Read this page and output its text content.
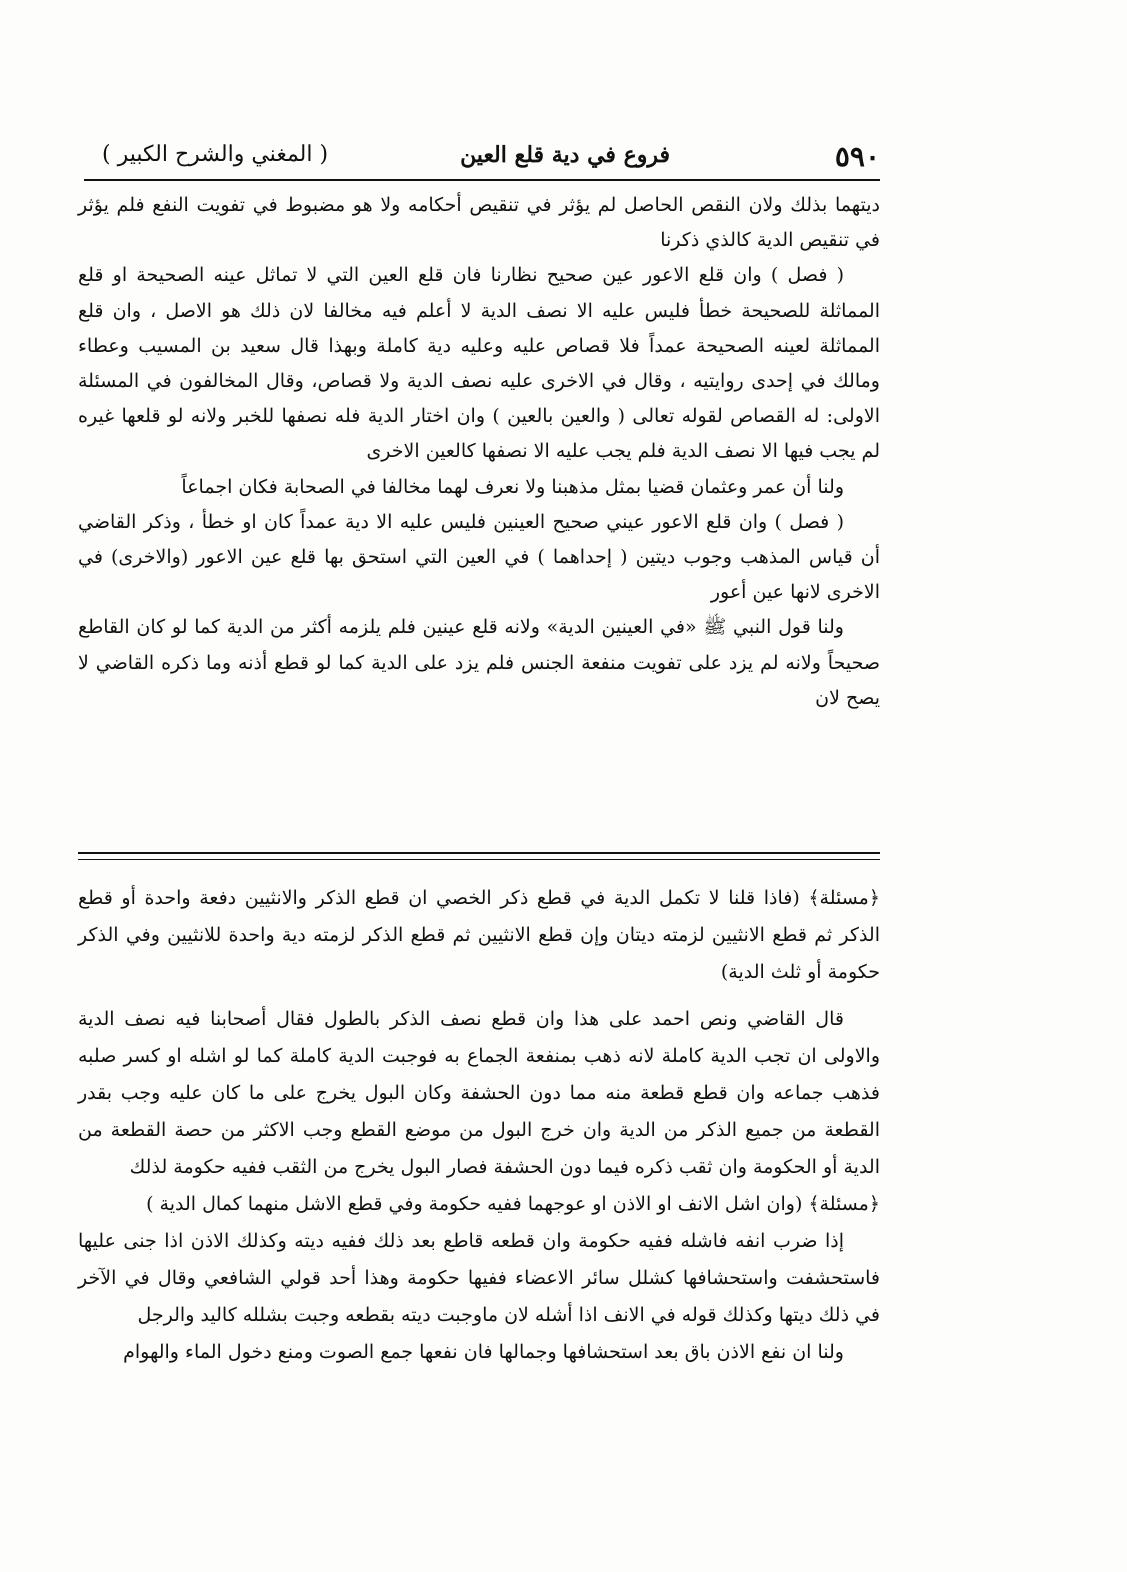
٥٩٠
فروع في دية قلع العين
( المغني والشرح الكبير )

ديتهما بذلك ولان النقص الحاصل لم يؤثر في تنقيص أحكامه ولا هو مضبوط في تفويت النفع فلم يؤثر في تنقيص الدية كالذي ذكرنا

( فصل ) وان قلع الاعور عين صحيح نظارنا فان قلع العين التي لا تماثل عينه الصحيحة او قلع المماثلة للصحيحة خطأ فليس عليه الا نصف الدية لا أعلم فيه مخالفا لان ذلك هو الاصل ، وان قلع المماثلة لعينه الصحيحة عمداً فلا قصاص عليه وعليه دية كاملة وبهذا قال سعيد بن المسيب وعطاء ومالك في إحدى روايتيه ، وقال في الاخرى عليه نصف الدية ولا قصاص، وقال المخالفون في المسئلة الاولى: له القصاص لقوله تعالى ( والعين بالعين ) وان اختار الدية فله نصفها للخبر ولانه لو قلعها غيره لم يجب فيها الا نصف الدية فلم يجب عليه الا نصفها كالعين الاخرى

ولنا أن عمر وعثمان قضيا بمثل مذهبنا ولا نعرف لهما مخالفا في الصحابة فكان اجماعاً

( فصل ) وان قلع الاعور عيني صحيح العينين فليس عليه الا دية عمداً كان او خطأ ، وذكر القاضي أن قياس المذهب وجوب ديتين ( إحداهما ) في العين التي استحق بها قلع عين الاعور (والاخرى) في الاخرى لانها عين أعور

ولنا قول النبي ﷺ «في العينين الدية» ولانه قلع عينين فلم يلزمه أكثر من الدية كما لو كان القاطع صحيحاً ولانه لم يزد على تفويت منفعة الجنس فلم يزد على الدية كما لو قطع أذنه وما ذكره القاضي لا يصح لان

﴿مسئلة﴾ (فاذا قلنا لا تكمل الدية في قطع ذكر الخصي ان قطع الذكر والانثيين دفعة واحدة أو قطع الذكر ثم قطع الانثيين لزمته ديتان وإن قطع الانثيين ثم قطع الذكر لزمته دية واحدة للانثيين وفي الذكر حكومة أو ثلث الدية)

قال القاضي ونص احمد على هذا وان قطع نصف الذكر بالطول فقال أصحابنا فيه نصف الدية والاولى ان تجب الدية كاملة لانه ذهب بمنفعة الجماع به فوجبت الدية كاملة كما لو اشله او كسر صلبه فذهب جماعه وان قطع قطعة منه مما دون الحشفة وكان البول يخرج على ما كان عليه وجب بقدر القطعة من جميع الذكر من الدية وان خرج البول من موضع القطع وجب الاكثر من حصة القطعة من الدية أو الحكومة وان ثقب ذكره فيما دون الحشفة فصار البول يخرج من الثقب ففيه حكومة لذلك

﴿مسئلة﴾ (وان اشل الانف او الاذن او عوجهما ففيه حكومة وفي قطع الاشل منهما كمال الدية )

إذا ضرب انفه فاشله ففيه حكومة وان قطعه قاطع بعد ذلك ففيه ديته وكذلك الاذن اذا جنى عليها فاستحشفت واستحشافها كشلل سائر الاعضاء ففيها حكومة وهذا أحد قولي الشافعي وقال في الآخر في ذلك ديتها وكذلك قوله في الانف اذا أشله لان ماوجبت ديته بقطعه وجبت بشلله كاليد والرجل

ولنا ان نفع الاذن باق بعد استحشافها وجمالها فان نفعها جمع الصوت ومنع دخول الماء والهوام
